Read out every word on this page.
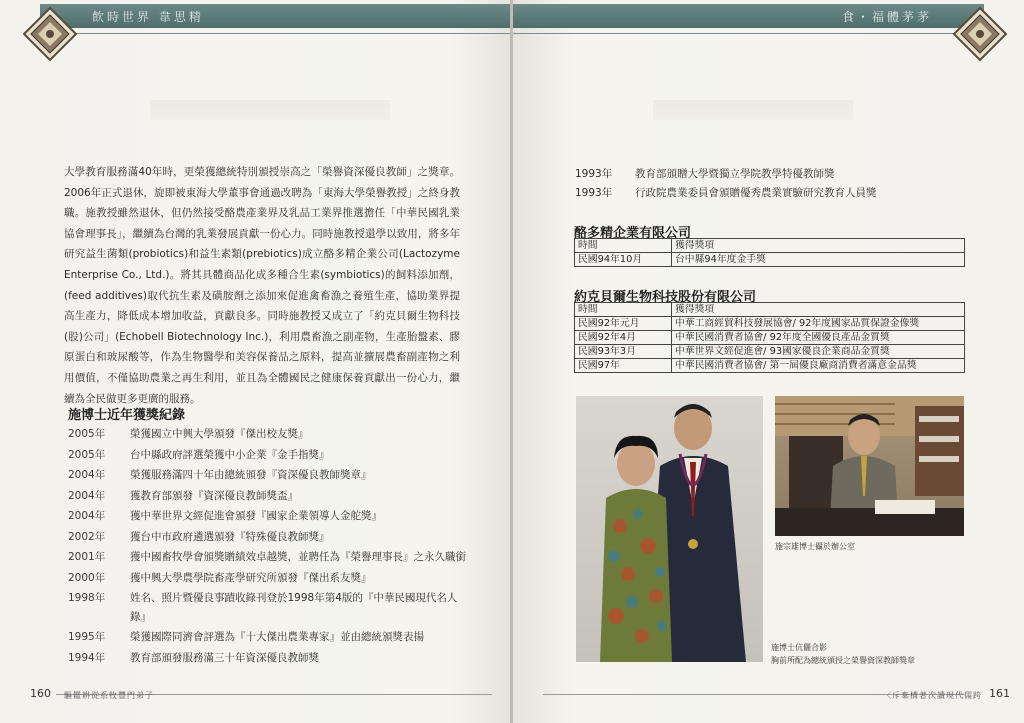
飲時世界 韋思精
大學教育服務滿40年時，更榮獲總統特別頒授崇高之「榮譽資深優良教師」之獎章。2006年正式退休，旋即被東海大學董事會通過改聘為「東海大學榮譽教授」之終身教職。施教授雖然退休，但仍然接受酪農產業界及乳品工業界推選擔任「中華民國乳業協會理事長」，繼續為台灣的乳業發展貢獻一份心力。同時施教授還學以致用，將多年研究益生菌類(probiotics)和益生素類(prebiotics)成立酪多精企業公司(Lactozyme Enterprise Co., Ltd.)。將其具體商品化成多種合生素(symbiotics)的飼料添加劑，(feed additives)取代抗生素及磺胺劑之添加來促進禽畜漁之養殖生產，協助業界提高生產力，降低成本增加收益，貢獻良多。同時施教授又成立了「約克貝爾生物科技(股)公司」(Echobell Biotechnology Inc.)，利用農畜漁之副產物，生產胎盤素、膠原蛋白和玻尿酸等，作為生物醫學和美容保養品之原料，提高並擴展農畜副產物之利用價值，不僅協助農業之再生利用，並且為全體國民之健康保養貢獻出一份心力，繼續為全民做更多更廣的服務。
施博士近年獲獎紀錄
2005年	榮獲國立中興大學頒發『傑出校友獎』
2005年	台中縣政府評選榮獲中小企業『金手指獎』
2004年	榮獲服務滿四十年由總統頒發『資深優良教師獎章』
2004年	獲教育部頒發『資深優良教師獎盃』
2004年	獲中華世界文經促進會頒發『國家企業領導人金舵獎』
2002年	獲台中市政府遴選頒發『特殊優良教師獎』
2001年	獲中國畜牧學會頒獎贈績效卓越獎，並聘任為『榮譽理事長』之永久職銜
2000年	獲中興大學農學院畜產學研究所頒發『傑出系友獎』
1998年	姓名、照片暨優良事蹟收錄刊登於1998年第4版的『中華民國現代名人錄』
1995年	榮獲國際同濟會評選為『十大傑出農業專家』並由總統頒獎表揚
1994年	教育部頒發服務滿三十年資深優良教師獎
160 驅鑑耕從系牧豐門弟子
食・福體茅茅
1993年	教育部頒贈大學暨獨立學院教學特優教師獎
1993年	行政院農業委員會頒贈優秀農業實驗研究教育人員獎
酪多精企業有限公司
時間	獲得獎項
民國94年10月	台中縣94年度金手獎
約克貝爾生物科技股份有限公司
時間	獲得獎項
民國92年元月	中華工商經貿科技發展協會/ 92年度國家品質保證金像獎
民國92年4月	中華民國消費者協會/ 92年度全國優良產品金質獎
民國93年3月	中華世界文經促進會/ 93國家優良企業商品金質獎
民國97年	中華民國消費者協會/ 第一屆優良廠商消費者滿意金品獎
施博士伉儷合影
胸前所配為總統頒授之榮譽資深教師獎章
施宗雄博士攝於辦公室
〈斥棄構著次讀現代儒跨 161
